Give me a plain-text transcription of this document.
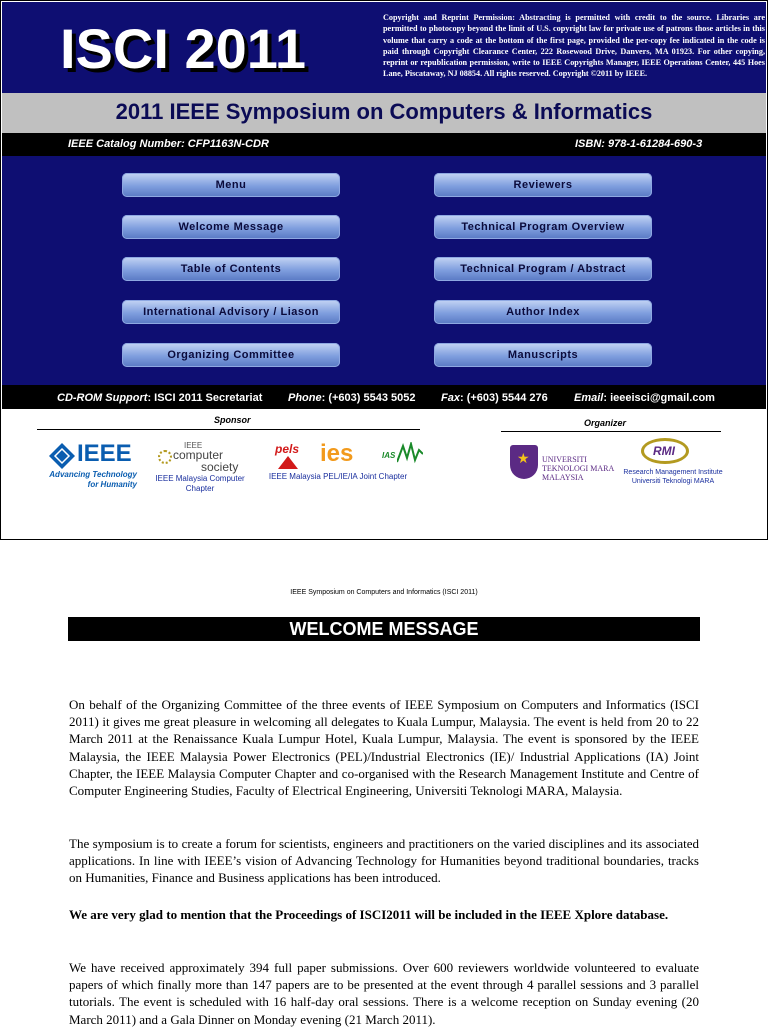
ISCI 2011	Copyright and Reprint Permission: Abstracting is permitted with credit to the source. Libraries are permitted to photocopy beyond the limit of U.S. copyright law for private use of patrons those articles in this volume that carry a code at the bottom of the first page, provided the per-copy fee indicated in the code is paid through Copyright Clearance Center, 222 Rosewood Drive, Danvers, MA 01923. For other copying, reprint or republication permission, write to IEEE Copyrights Manager, IEEE Operations Center, 445 Hoes Lane, Piscataway, NJ 08854. All rights reserved. Copyright ©2011 by IEEE.
2011 IEEE Symposium on Computers & Informatics
IEEE Catalog Number: CFP1163N-CDR	ISBN: 978-1-61284-690-3
Menu
Welcome Message
Table of Contents
International Advisory / Liason
Organizing Committee
Reviewers
Technical Program Overview
Technical Program / Abstract
Author Index
Manuscripts
CD-ROM Support: ISCI 2011 Secretariat Phone: (+603) 5543 5052 Fax: (+603) 5544 276 Email: ieeeisci@gmail.com
Sponsor
IEEE
Advancing Technology for Humanity
IEEE
computer
society
IEEE Malaysia Computer Chapter
pels ies	IAS
IEEE Malaysia PEL/IE/IA Joint Chapter
Organizer
★ UNIVERSITI
TEKNOLOGI MARA
MALAYSIA
RMI
Research Management Institute
Universiti Teknologi MARA
IEEE Symposium on Computers and Informatics (ISCI 2011)
WELCOME MESSAGE
On behalf of the Organizing Committee of the three events of IEEE Symposium on Computers and Informatics (ISCI 2011) it gives me great pleasure in welcoming all delegates to Kuala Lumpur, Malaysia. The event is held from 20 to 22 March 2011 at the Renaissance Kuala Lumpur Hotel, Kuala Lumpur, Malaysia. The event is sponsored by the IEEE Malaysia, the IEEE Malaysia Power Electronics (PEL)/Industrial Electronics (IE)/ Industrial Applications (IA) Joint Chapter, the IEEE Malaysia Computer Chapter and co-organised with the Research Management Institute and Centre of Computer Engineering Studies, Faculty of Electrical Engineering, Universiti Teknologi MARA, Malaysia.
The symposium is to create a forum for scientists, engineers and practitioners on the varied disciplines and its associated applications. In line with IEEE’s vision of Advancing Technology for Humanities beyond traditional boundaries, tracks on Humanities, Finance and Business applications has been introduced.
We are very glad to mention that the Proceedings of ISCI2011 will be included in the IEEE Xplore database.
We have received approximately 394 full paper submissions. Over 600 reviewers worldwide volunteered to evaluate papers of which finally more than 147 papers are to be presented at the event through 4 parallel sessions and 3 parallel tutorials. The event is scheduled with 16 half-day oral sessions. There is a welcome reception on Sunday evening (20 March 2011) and a Gala Dinner on Monday evening (21 March 2011).
